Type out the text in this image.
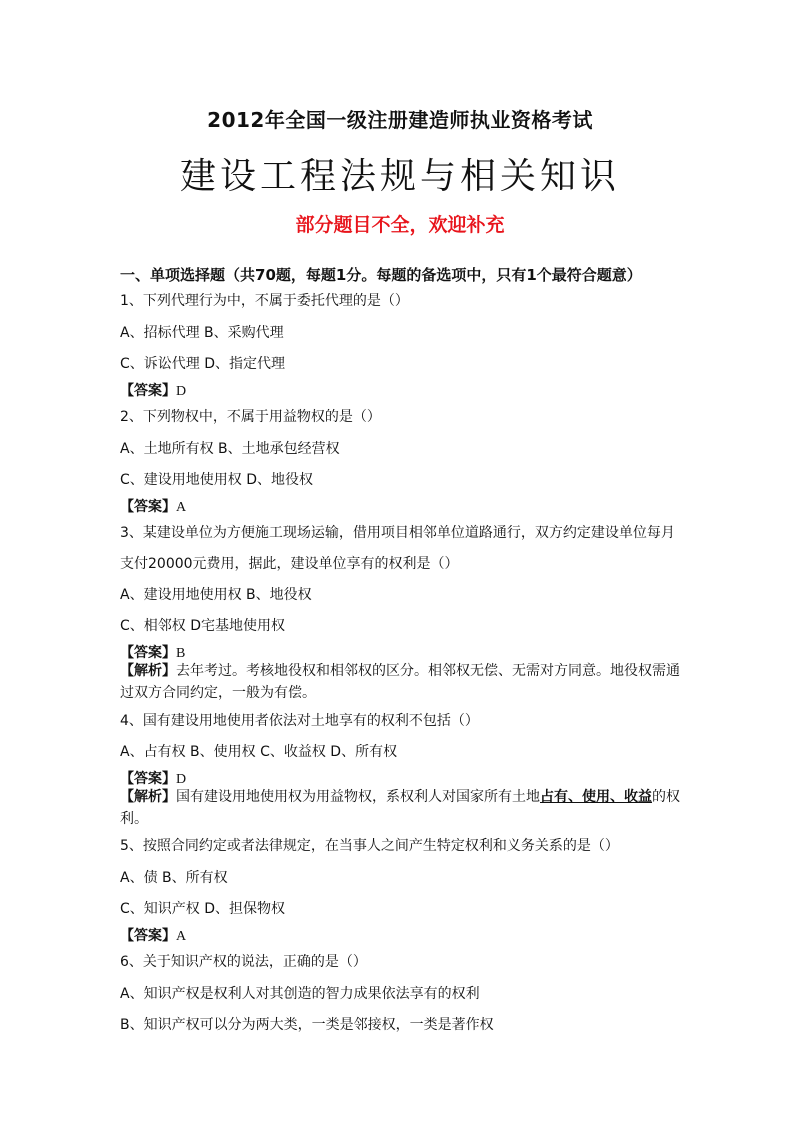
2012年全国一级注册建造师执业资格考试
建设工程法规与相关知识
部分题目不全，欢迎补充
一、单项选择题（共70题，每题1分。每题的备选项中，只有1个最符合题意）
1、下列代理行为中，不属于委托代理的是（）
A、招标代理 B、采购代理
C、诉讼代理 D、指定代理
【答案】D
2、下列物权中，不属于用益物权的是（）
A、土地所有权 B、土地承包经营权
C、建设用地使用权 D、地役权
【答案】A
3、某建设单位为方便施工现场运输，借用项目相邻单位道路通行，双方约定建设单位每月
支付20000元费用，据此，建设单位享有的权利是（）
A、建设用地使用权 B、地役权
C、相邻权 D宅基地使用权
【答案】B
【解析】去年考过。考核地役权和相邻权的区分。相邻权无偿、无需对方同意。地役权需通
过双方合同约定，一般为有偿。
4、国有建设用地使用者依法对土地享有的权利不包括（）
A、占有权 B、使用权 C、收益权 D、所有权
【答案】D
【解析】国有建设用地使用权为用益物权，系权利人对国家所有土地占有、使用、收益的权
利。
5、按照合同约定或者法律规定，在当事人之间产生特定权利和义务关系的是（）
A、债 B、所有权
C、知识产权 D、担保物权
【答案】A
6、关于知识产权的说法，正确的是（）
A、知识产权是权利人对其创造的智力成果依法享有的权利
B、知识产权可以分为两大类，一类是邻接权，一类是著作权
